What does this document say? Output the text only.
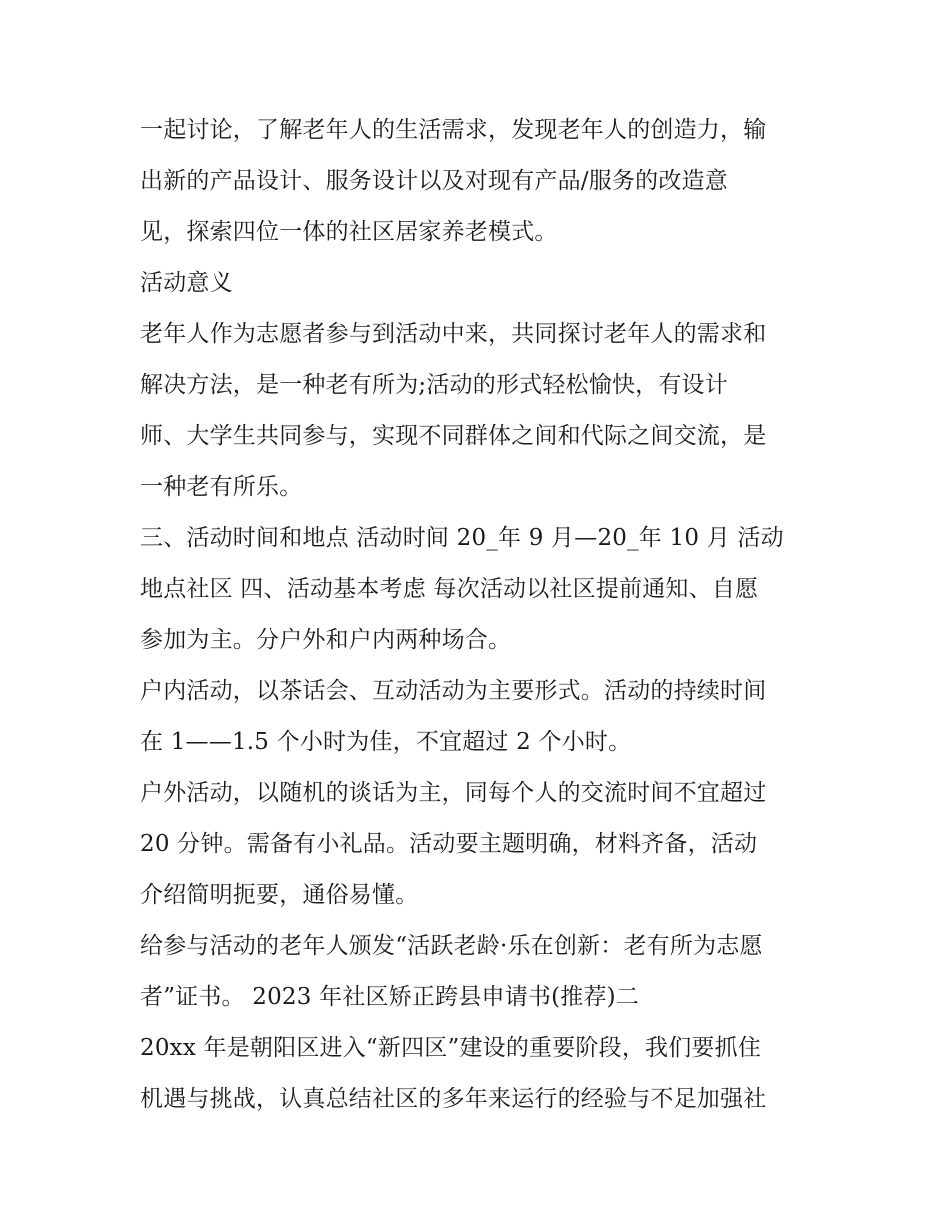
一起讨论，了解老年人的生活需求，发现老年人的创造力，输
出新的产品设计、服务设计以及对现有产品/服务的改造意
见，探索四位一体的社区居家养老模式。
活动意义
老年人作为志愿者参与到活动中来，共同探讨老年人的需求和
解决方法，是一种老有所为;活动的形式轻松愉快，有设计
师、大学生共同参与，实现不同群体之间和代际之间交流，是
一种老有所乐。
三、活动时间和地点 活动时间 20_年 9 月—20_年 10 月 活动
地点社区 四、活动基本考虑 每次活动以社区提前通知、自愿
参加为主。分户外和户内两种场合。
户内活动，以茶话会、互动活动为主要形式。活动的持续时间
在 1——1.5 个小时为佳，不宜超过 2 个小时。
户外活动，以随机的谈话为主，同每个人的交流时间不宜超过
20 分钟。需备有小礼品。活动要主题明确，材料齐备，活动
介绍简明扼要，通俗易懂。
给参与活动的老年人颁发“活跃老龄·乐在创新：老有所为志愿
者”证书。 2023 年社区矫正跨县申请书(推荐)二
20xx 年是朝阳区进入“新四区”建设的重要阶段，我们要抓住
机遇与挑战，认真总结社区的多年来运行的经验与不足加强社
